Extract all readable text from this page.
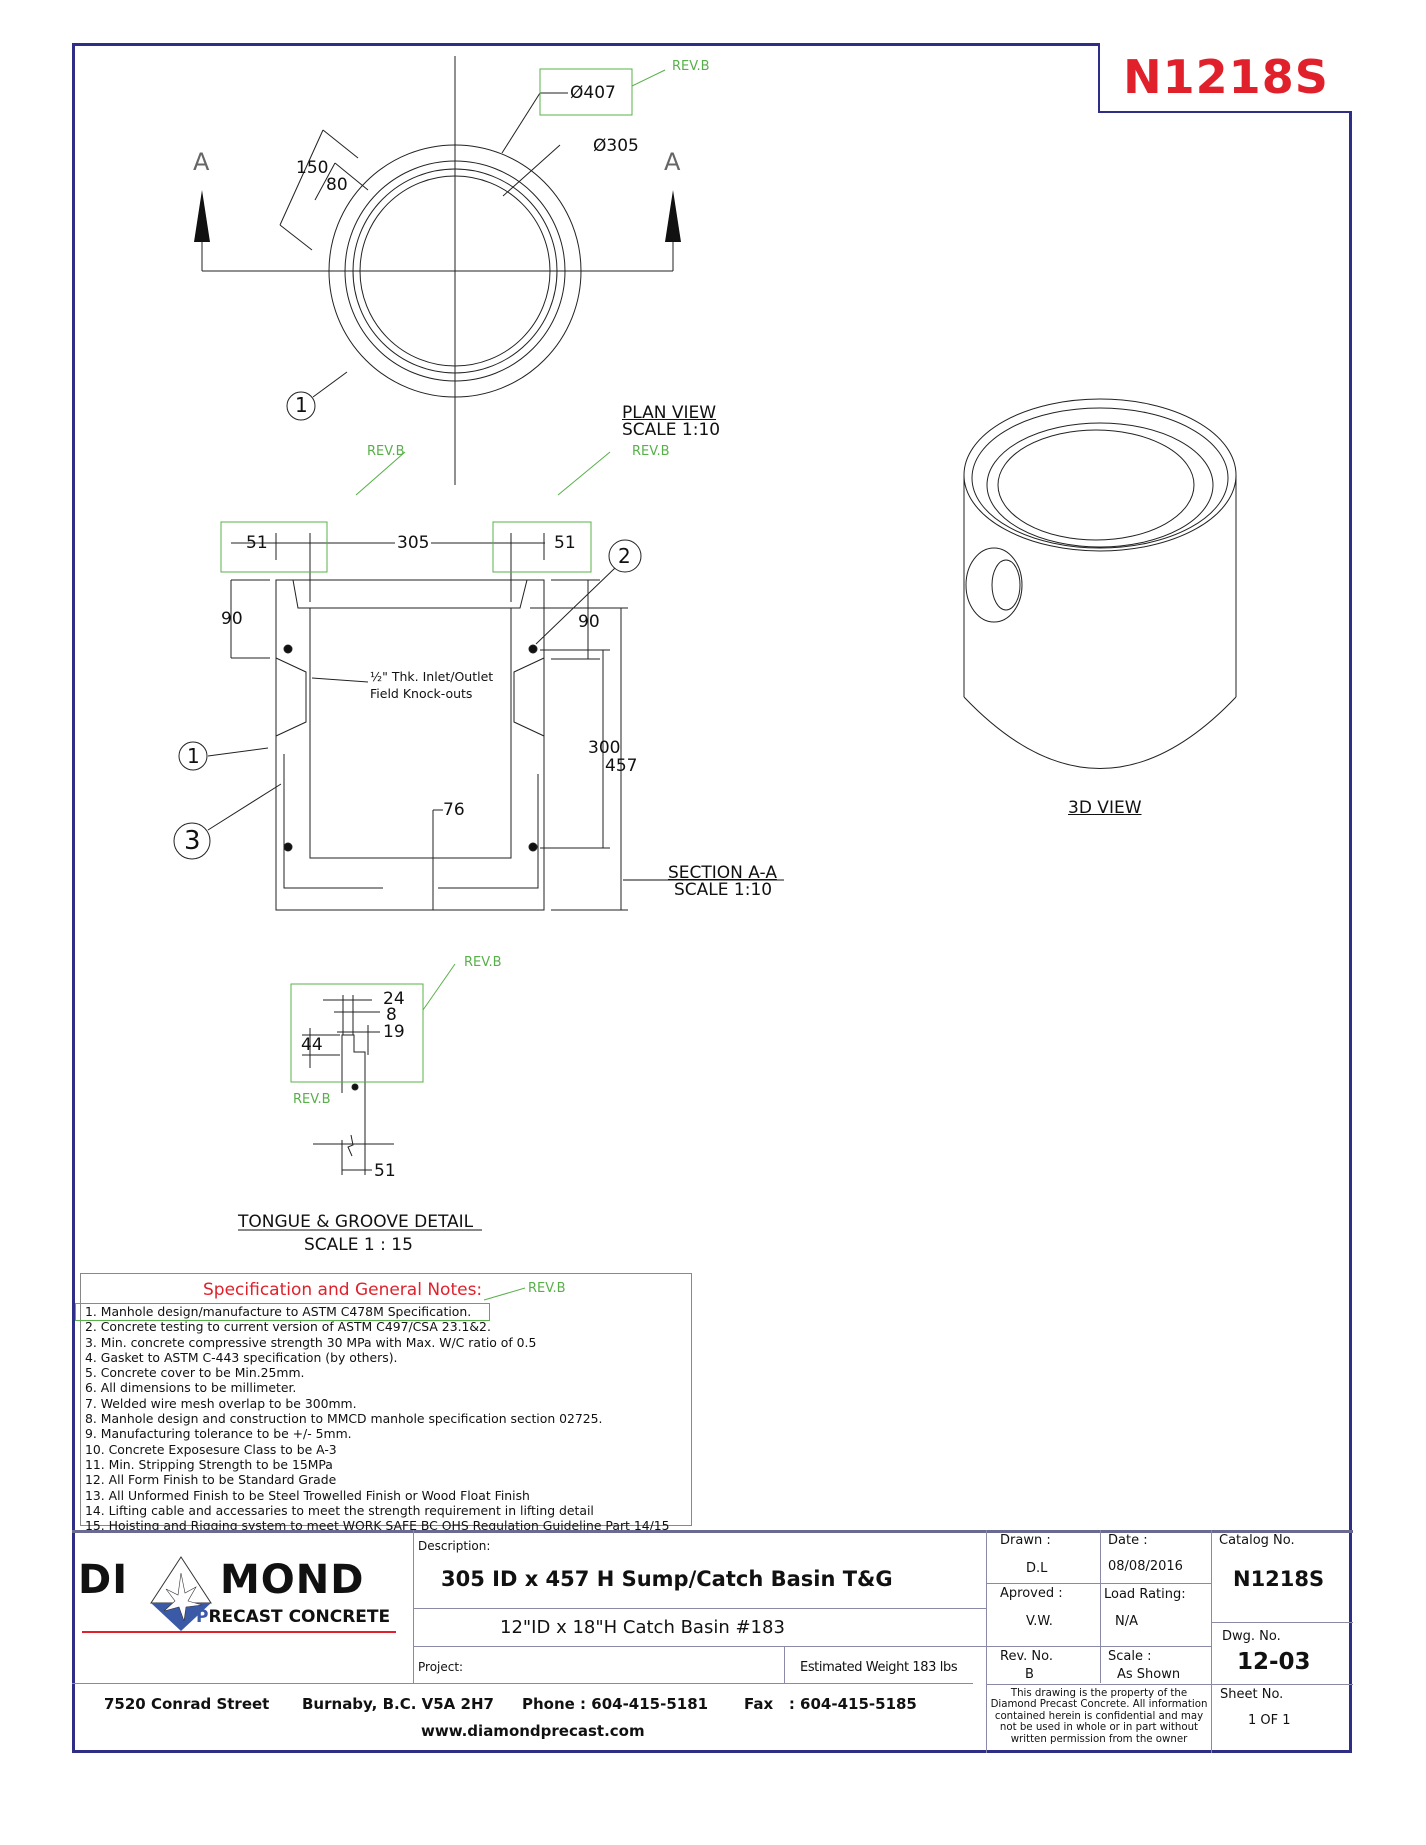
N1218S
A	A
Ø407
Ø305
150
80
1
REV.B
PLAN VIEW
SCALE 1:10
REV.B	REV.B
51	305	51
90	90
300
457
76
½" Thk. Inlet/Outlet
Field Knock-outs
1
2
3
SECTION A-A
SCALE 1:10
3D VIEW
REV.B
REV.B
24
8
19
44
51
TONGUE & GROOVE DETAIL
SCALE 1 : 15
Specification and General Notes:
1. Manhole design/manufacture to ASTM C478M Specification.
2. Concrete testing to current version of ASTM C497/CSA 23.1&2.
3. Min. concrete compressive strength 30 MPa with Max. W/C ratio of 0.5
4. Gasket to ASTM C-443 specification (by others).
5. Concrete cover to be Min.25mm.
6. All dimensions to be millimeter.
7. Welded wire mesh overlap to be 300mm.
8. Manhole design and construction to MMCD manhole specification section 02725.
9. Manufacturing tolerance to be +/- 5mm.
10. Concrete Exposesure Class to be A-3
11. Min. Stripping Strength to be 15MPa
12. All Form Finish to be Standard Grade
13. All Unformed Finish to be Steel Trowelled Finish or Wood Float Finish
14. Lifting cable and accessaries to meet the strength requirement in lifting detail
15. Hoisting and Rigging system to meet WORK SAFE BC OHS Regulation Guideline Part 14/15
REV.B
DI MOND
PRECAST CONCRETE
Description:
305 ID x 457 H Sump/Catch Basin T&G
12"ID x 18"H Catch Basin #183
Project:	Estimated Weight 183 lbs
Drawn :
D.L
Date :
08/08/2016
Aproved :
V.W.
Load Rating:
N/A
Rev. No.
B
Scale :
As Shown
Catalog No.
N1218S
Dwg. No.
12-03
Sheet No.
1 OF 1
This drawing is the property of the
Diamond Precast Concrete. All information
contained herein is confidential and may
not be used in whole or in part without
written permission from the owner
7520 Conrad Street Burnaby, B.C. V5A 2H7 Phone : 604-415-5181 Fax   : 604-415-5185
www.diamondprecast.com
